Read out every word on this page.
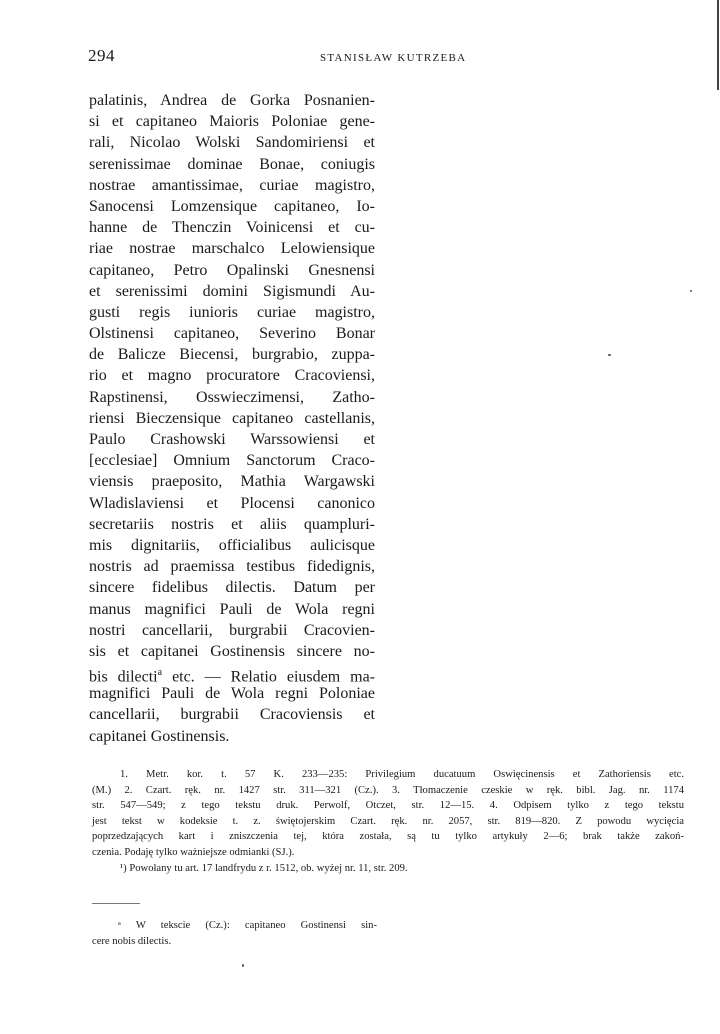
294	STANISŁAW KUTRZEBA
palatinis, Andrea de Gorka Posnanien-
si et capitaneo Maioris Poloniae gene-
rali, Nicolao Wolski Sandomiriensi et
serenissimae dominae Bonae, coniugis
nostrae amantissimae, curiae magistro,
Sanocensi Lomzensique capitaneo, Io-
hanne de Thenczin Voinicensi et cu-
riae nostrae marschalco Lelowiensique
capitaneo, Petro Opalinski Gnesnensi
et serenissimi domini Sigismundi Au-
gusti regis iunioris curiae magistro,
Olstinensi capitaneo, Severino Bonar
de Balicze Biecensi, burgrabio, zuppa-
rio et magno procuratore Cracoviensi,
Rapstinensi, Osswieczimensi, Zatho-
riensi Bieczensique capitaneo castellanis,
Paulo Crashowski Warssowiensi et
[ecclesiae] Omnium Sanctorum Craco-
viensis praeposito, Mathia Wargawski
Wladislaviensi et Plocensi canonico
secretariis nostris et aliis quampluri-
mis dignitariis, officialibus aulicisque
nostris ad praemissa testibus fidedignis,
sincere fidelibus dilectis. Datum per
manus magnifici Pauli de Wola regni
nostri cancellarii, burgrabii Cracovien-
sis et capitanei Gostinensis sincere no-
bis dilecti$^a$ etc. — Relatio eiusdem ma-
magnifici Pauli de Wola regni Poloniae
cancellarii, burgrabii Cracoviensis et
capitanei Gostinensis.
1. Metr. kor. t. 57 K. 233—235: Privilegium ducatuum Oswięcinensis et Zathoriensis etc.
(M.) 2. Czart. ręk. nr. 1427 str. 311—321 (Cz.). 3. Tłomaczenie czeskie w ręk. bibl. Jag. nr. 1174
str. 547—549; z tego tekstu druk. Perwolf, Otczet, str. 12—15. 4. Odpisem tylko z tego tekstu
jest tekst w kodeksie t. z. świętojerskim Czart. ręk. nr. 2057, str. 819—820. Z powodu wycięcia
poprzedzających kart i zniszczenia tej, która została, są tu tylko artykuły 2—6; brak także zakoń-
czenia. Podaję tylko ważniejsze odmianki (SJ.).
¹) Powołany tu art. 17 landfrydu z r. 1512, ob. wyżej nr. 11, str. 209.
ᵃ W tekscie (Cz.): capitaneo Gostinensi sin-
cere nobis dilectis.
